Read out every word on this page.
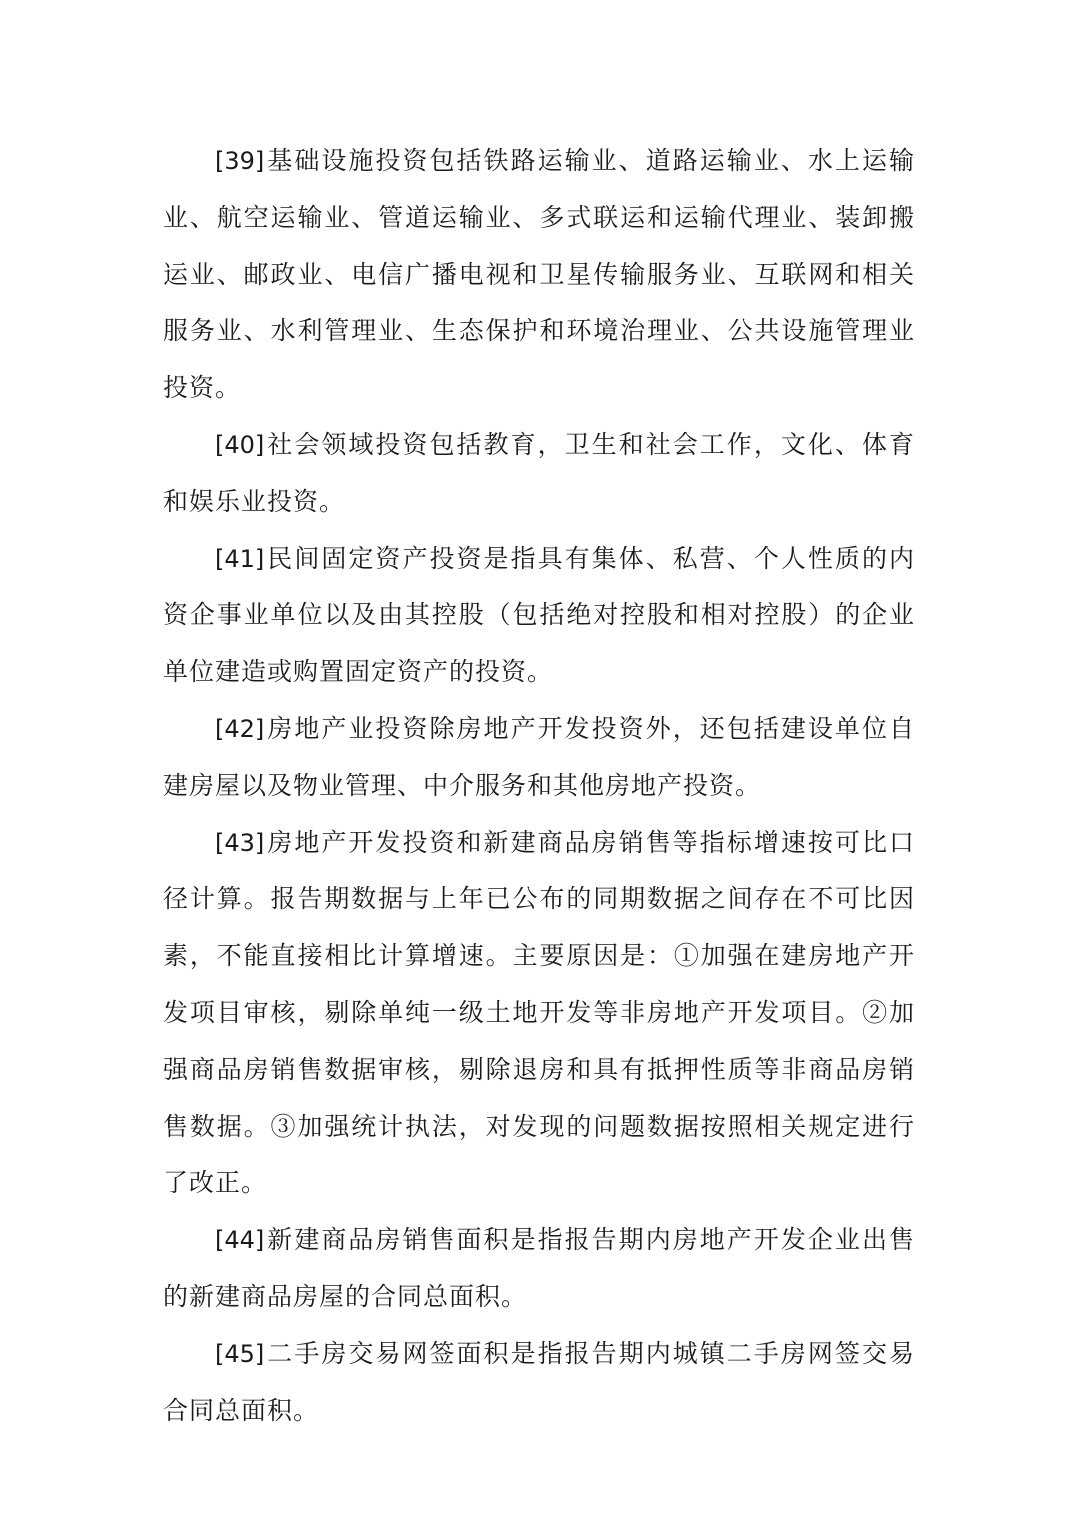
[39]基础设施投资包括铁路运输业、道路运输业、水上运输业、航空运输业、管道运输业、多式联运和运输代理业、装卸搬运业、邮政业、电信广播电视和卫星传输服务业、互联网和相关服务业、水利管理业、生态保护和环境治理业、公共设施管理业投资。

[40]社会领域投资包括教育，卫生和社会工作，文化、体育和娱乐业投资。

[41]民间固定资产投资是指具有集体、私营、个人性质的内资企事业单位以及由其控股（包括绝对控股和相对控股）的企业单位建造或购置固定资产的投资。

[42]房地产业投资除房地产开发投资外，还包括建设单位自建房屋以及物业管理、中介服务和其他房地产投资。

[43]房地产开发投资和新建商品房销售等指标增速按可比口径计算。报告期数据与上年已公布的同期数据之间存在不可比因素，不能直接相比计算增速。主要原因是：①加强在建房地产开发项目审核，剔除单纯一级土地开发等非房地产开发项目。②加强商品房销售数据审核，剔除退房和具有抵押性质等非商品房销售数据。③加强统计执法，对发现的问题数据按照相关规定进行了改正。

[44]新建商品房销售面积是指报告期内房地产开发企业出售的新建商品房屋的合同总面积。

[45]二手房交易网签面积是指报告期内城镇二手房网签交易合同总面积。
